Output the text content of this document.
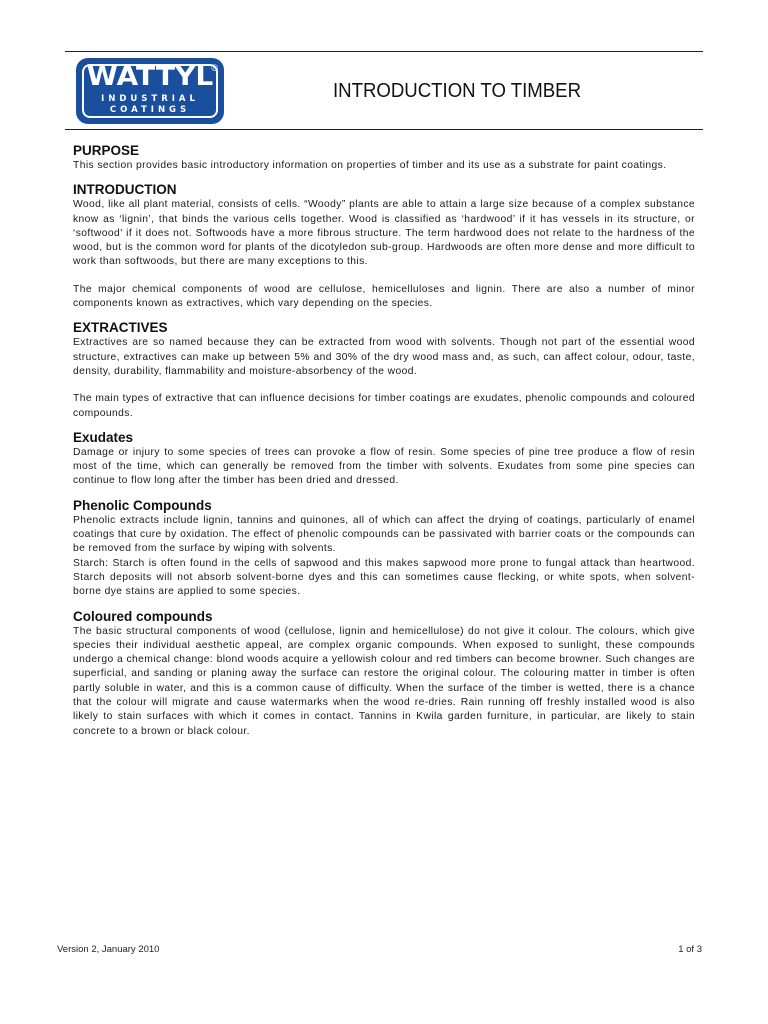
WATTYL
®
INDUSTRIAL
COATINGS
INTRODUCTION TO TIMBER
PURPOSE

This section provides basic introductory information on properties of timber and its use as a substrate for paint coatings.

INTRODUCTION

Wood, like all plant material, consists of cells. “Woody” plants are able to attain a large size because of a complex substance know as ‘lignin’, that binds the various cells together. Wood is classified as ‘hardwood’ if it has vessels in its structure, or ‘softwood’ if it does not. Softwoods have a more fibrous structure. The term hardwood does not relate to the hardness of the wood, but is the common word for plants of the dicotyledon sub-group. Hardwoods are often more dense and more difficult to work than softwoods, but there are many exceptions to this.

The major chemical components of wood are cellulose, hemicelluloses and lignin. There are also a number of minor components known as extractives, which vary depending on the species.

EXTRACTIVES

Extractives are so named because they can be extracted from wood with solvents. Though not part of the essential wood structure, extractives can make up between 5% and 30% of the dry wood mass and, as such, can affect colour, odour, taste, density, durability, flammability and moisture-absorbency of the wood.

The main types of extractive that can influence decisions for timber coatings are exudates, phenolic compounds and coloured compounds.

Exudates

Damage or injury to some species of trees can provoke a flow of resin. Some species of pine tree produce a flow of resin most of the time, which can generally be removed from the timber with solvents. Exudates from some pine species can continue to flow long after the timber has been dried and dressed.

Phenolic Compounds

Phenolic extracts include lignin, tannins and quinones, all of which can affect the drying of coatings, particularly of enamel coatings that cure by oxidation. The effect of phenolic compounds can be passivated with barrier coats or the compounds can be removed from the surface by wiping with solvents.

Starch: Starch is often found in the cells of sapwood and this makes sapwood more prone to fungal attack than heartwood. Starch deposits will not absorb solvent-borne dyes and this can sometimes cause flecking, or white spots, when solvent-borne dye stains are applied to some species.

Coloured compounds

The basic structural components of wood (cellulose, lignin and hemicellulose) do not give it colour. The colours, which give species their individual aesthetic appeal, are complex organic compounds. When exposed to sunlight, these compounds undergo a chemical change: blond woods acquire a yellowish colour and red timbers can become browner. Such changes are superficial, and sanding or planing away the surface can restore the original colour. The colouring matter in timber is often partly soluble in water, and this is a common cause of difficulty. When the surface of the timber is wetted, there is a chance that the colour will migrate and cause watermarks when the wood re-dries. Rain running off freshly installed wood is also likely to stain surfaces with which it comes in contact. Tannins in Kwila garden furniture, in particular, are likely to stain concrete to a brown or black colour.

Version 2, January 2010	1 of 3
